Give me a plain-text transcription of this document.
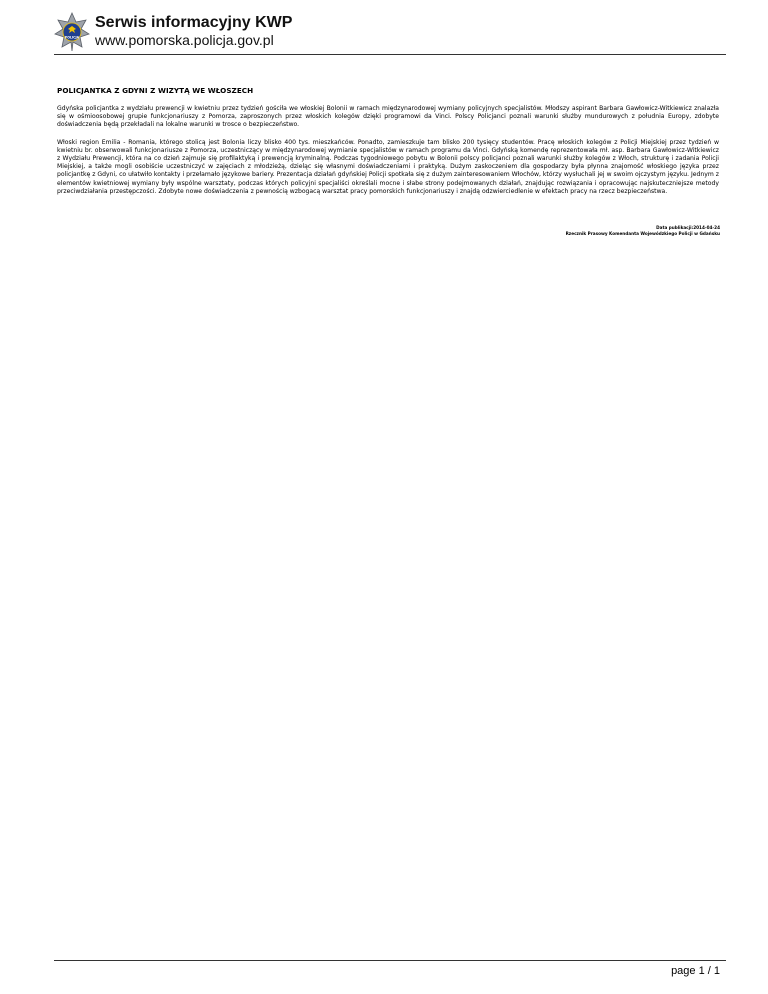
POLICJA
Serwis informacyjny KWP
www.pomorska.policja.gov.pl
POLICJANTKA Z GDYNI Z WIZYTĄ WE WŁOSZECH

Gdyńska policjantka z wydziału prewencji w kwietniu przez tydzień gościła we włoskiej Bolonii w ramach międzynarodowej wymiany policyjnych specjalistów. Młodszy aspirant Barbara Gawłowicz-Witkiewicz znalazła się w ośmioosobowej grupie funkcjonariuszy z Pomorza, zaproszonych przez włoskich kolegów dzięki programowi da Vinci. Polscy Policjanci poznali warunki służby mundurowych z południa Europy, zdobyte doświadczenia będą przekładali na lokalne warunki w trosce o bezpieczeństwo.

Włoski region Emilia - Romania, którego stolicą jest Bolonia liczy blisko 400 tys. mieszkańców. Ponadto, zamieszkuje tam blisko 200 tysięcy studentów. Pracę włoskich kolegów z Policji Miejskiej przez tydzień w kwietniu br. obserwowali funkcjonariusze z Pomorza, uczestniczący w międzynarodowej wymianie specjalistów w ramach programu da Vinci. Gdyńską komendę reprezentowała mł. asp. Barbara Gawłowicz-Witkiewicz z Wydziału Prewencji, która na co dzień zajmuje się profilaktyką i prewencją kryminalną. Podczas tygodniowego pobytu w Bolonii polscy policjanci poznali warunki służby kolegów z Włoch, strukturę i zadania Policji Miejskiej, a także mogli osobiście uczestniczyć w zajęciach z młodzieżą, dzieląc się własnymi doświadczeniami i praktyką. Dużym zaskoczeniem dla gospodarzy była płynna znajomość włoskiego języka przez policjantkę z Gdyni, co ułatwiło kontakty i przełamało językowe bariery. Prezentacja działań gdyńskiej Policji spotkała się z dużym zainteresowaniem Włochów, którzy wysłuchali jej w swoim ojczystym języku. Jednym z elementów kwietniowej wymiany były wspólne warsztaty, podczas których policyjni specjaliści określali mocne i słabe strony podejmowanych działań, znajdując rozwiązania i opracowując najskuteczniejsze metody przeciwdziałania przestępczości. Zdobyte nowe doświadczenia z pewnością wzbogacą warsztat pracy pomorskich funkcjonariuszy i znajdą odzwierciedlenie w efektach pracy na rzecz bezpieczeństwa.

Data publikacji:2014-04-24
Rzecznik Prasowy Komendanta Wojewódzkiego Policji w Gdańsku
page 1 / 1
